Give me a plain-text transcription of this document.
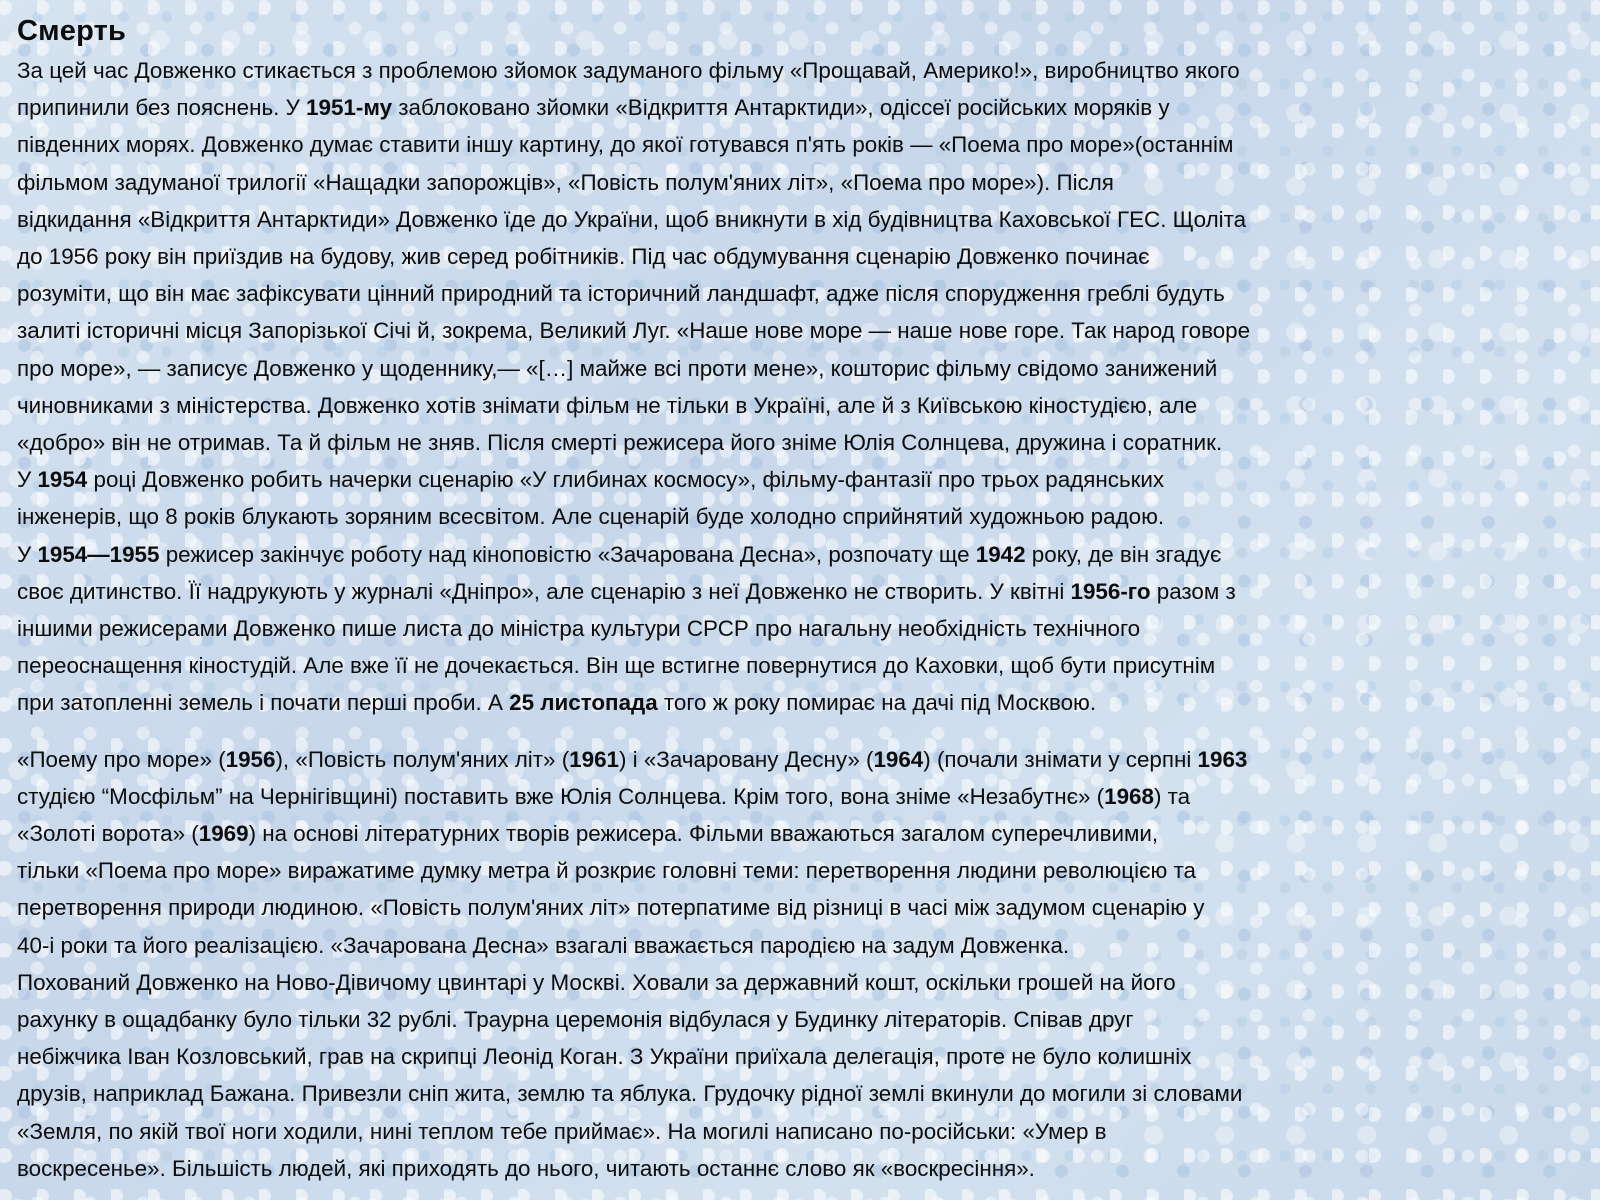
Смерть

За цей час Довженко стикається з проблемою зйомок задуманого фільму «Прощавай, Америко!», виробництво якого
припинили без пояснень. У 1951-му заблоковано зйомки «Відкриття Антарктиди», одіссеї російських моряків у
південних морях. Довженко думає ставити іншу картину, до якої готувався п'ять років — «Поема про море»(останнім
фільмом задуманої трилогії «Нащадки запорожців», «Повість полум'яних літ», «Поема про море»). Після
відкидання «Відкриття Антарктиди» Довженко їде до України, щоб вникнути в хід будівництва Каховської ГЕС. Щоліта
до 1956 року він приїздив на будову, жив серед робітників. Під час обдумування сценарію Довженко починає
розуміти, що він має зафіксувати цінний природний та історичний ландшафт, адже після спорудження греблі будуть
залиті історичні місця Запорізької Січі й, зокрема, Великий Луг. «Наше нове море — наше нове горе. Так народ говоре
про море», — записує Довженко у щоденнику,— «[…] майже всі проти мене», кошторис фільму свідомо занижений
чиновниками з міністерства. Довженко хотів знімати фільм не тільки в Україні, але й з Київською кіностудією, але
«добро» він не отримав. Та й фільм не зняв. Після смерті режисера його зніме Юлія Солнцева, дружина і соратник.

У 1954 році Довженко робить начерки сценарію «У глибинах космосу», фільму-фантазії про трьох радянських
інженерів, що 8 років блукають зоряним всесвітом. Але сценарій буде холодно сприйнятий художньою радою.

У 1954—1955 режисер закінчує роботу над кіноповістю «Зачарована Десна», розпочату ще 1942 року, де він згадує
своє дитинство. Її надрукують у журналі «Дніпро», але сценарію з неї Довженко не створить. У квітні 1956-го разом з
іншими режисерами Довженко пише листа до міністра культури СРСР про нагальну необхідність технічного
переоснащення кіностудій. Але вже її не дочекається. Він ще встигне повернутися до Каховки, щоб бути присутнім
при затопленні земель і почати перші проби. А 25 листопада того ж року помирає на дачі під Москвою.

«Поему про море» (1956), «Повість полум'яних літ» (1961) і «Зачаровану Десну» (1964) (почали знімати у серпні 1963
студією “Мосфільм” на Чернігівщині) поставить вже Юлія Солнцева. Крім того, вона зніме «Незабутнє» (1968) та
«Золоті ворота» (1969) на основі літературних творів режисера. Фільми вважаються загалом суперечливими,
тільки «Поема про море» виражатиме думку метра й розкриє головні теми: перетворення людини революцією та
перетворення природи людиною. «Повість полум'яних літ» потерпатиме від різниці в часі між задумом сценарію у
40-і роки та його реалізацією. «Зачарована Десна» взагалі вважається пародією на задум Довженка.

Похований Довженко на Ново-Дівичому цвинтарі у Москві. Ховали за державний кошт, оскільки грошей на його
рахунку в ощадбанку було тільки 32 рублі. Траурна церемонія відбулася у Будинку літераторів. Співав друг
небіжчика Іван Козловський, грав на скрипці Леонід Коган. З України приїхала делегація, проте не було колишніх
друзів, наприклад Бажана. Привезли сніп жита, землю та яблука. Грудочку рідної землі вкинули до могили зі словами
«Земля, по якій твої ноги ходили, нині теплом тебе приймає». На могилі написано по-російськи: «Умер в
воскресенье». Більшість людей, які приходять до нього, читають останнє слово як «воскресіння».
